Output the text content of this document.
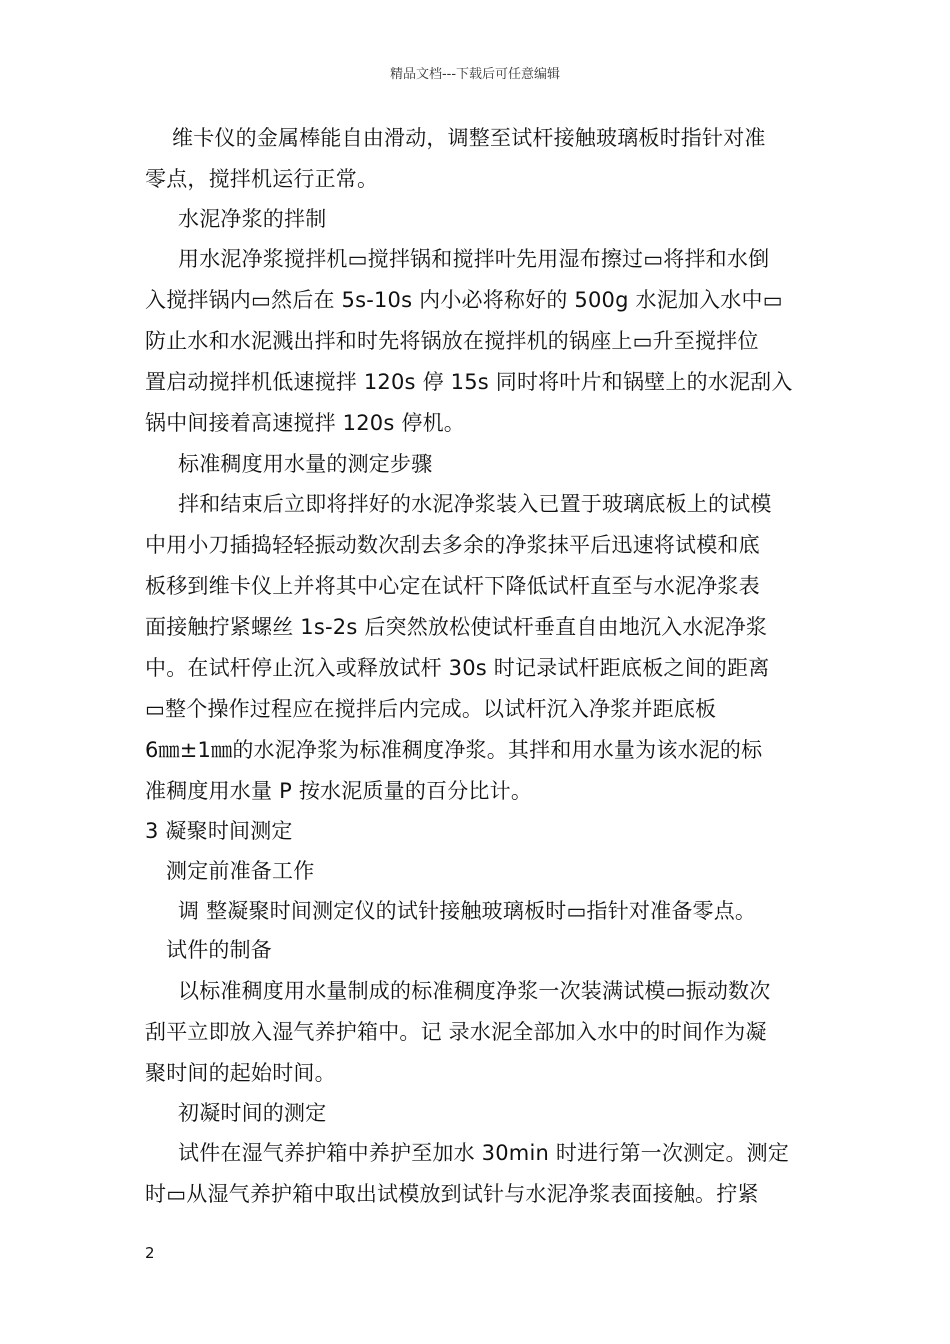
精品文档---下载后可任意编辑
维卡仪的金属棒能自由滑动，调整至试杆接触玻璃板时指针对准
零点，搅拌机运行正常。
水泥净浆的拌制
用水泥净浆搅拌机▭搅拌锅和搅拌叶先用湿布擦过▭将拌和水倒
入搅拌锅内▭然后在 5s-10s 内小必将称好的 500g 水泥加入水中▭
防止水和水泥溅出拌和时先将锅放在搅拌机的锅座上▭升至搅拌位
置启动搅拌机低速搅拌 120s 停 15s 同时将叶片和锅壁上的水泥刮入
锅中间接着高速搅拌 120s 停机。
标准稠度用水量的测定步骤
拌和结束后立即将拌好的水泥净浆装入已置于玻璃底板上的试模
中用小刀插捣轻轻振动数次刮去多余的净浆抹平后迅速将试模和底
板移到维卡仪上并将其中心定在试杆下降低试杆直至与水泥净浆表
面接触拧紧螺丝 1s-2s 后突然放松使试杆垂直自由地沉入水泥净浆
中。在试杆停止沉入或释放试杆 30s 时记录试杆距底板之间的距离
▭整个操作过程应在搅拌后内完成。以试杆沉入净浆并距底板
6㎜±1㎜的水泥净浆为标准稠度净浆。其拌和用水量为该水泥的标
准稠度用水量 P 按水泥质量的百分比计。
3 凝聚时间测定
测定前准备工作
调 整凝聚时间测定仪的试针接触玻璃板时▭指针对准备零点。
试件的制备
以标准稠度用水量制成的标准稠度净浆一次装满试模▭振动数次
刮平立即放入湿气养护箱中。记 录水泥全部加入水中的时间作为凝
聚时间的起始时间。
初凝时间的测定
试件在湿气养护箱中养护至加水 30min 时进行第一次测定。测定
时▭从湿气养护箱中取出试模放到试针与水泥净浆表面接触。拧紧
2
